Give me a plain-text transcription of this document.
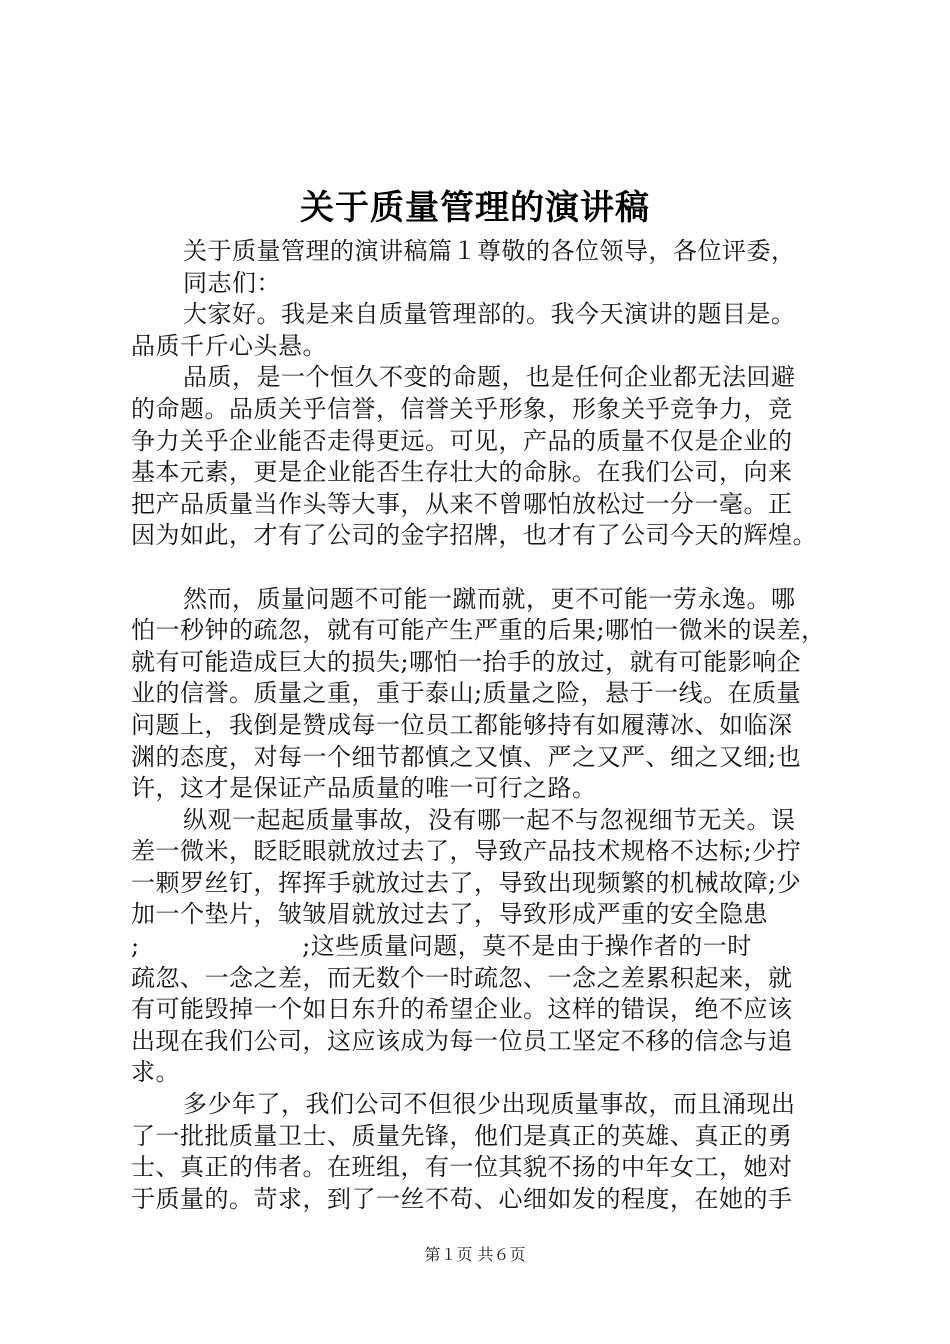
关于质量管理的演讲稿
关于质量管理的演讲稿篇１尊敬的各位领导，各位评委，
同志们：
大家好。我是来自质量管理部的。我今天演讲的题目是。
品质千斤心头悬。
品质，是一个恒久不变的命题，也是任何企业都无法回避
的命题。品质关乎信誉，信誉关乎形象，形象关乎竞争力，竞
争力关乎企业能否走得更远。可见，产品的质量不仅是企业的
基本元素，更是企业能否生存壮大的命脉。在我们公司，向来
把产品质量当作头等大事，从来不曾哪怕放松过一分一毫。正
因为如此，才有了公司的金字招牌，也才有了公司今天的辉煌。
然而，质量问题不可能一蹴而就，更不可能一劳永逸。哪
怕一秒钟的疏忽，就有可能产生严重的后果;哪怕一微米的误差，
就有可能造成巨大的损失;哪怕一抬手的放过，就有可能影响企
业的信誉。质量之重，重于泰山;质量之险，悬于一线。在质量
问题上，我倒是赞成每一位员工都能够持有如履薄冰、如临深
渊的态度，对每一个细节都慎之又慎、严之又严、细之又细;也
许，这才是保证产品质量的唯一可行之路。
纵观一起起质量事故，没有哪一起不与忽视细节无关。误
差一微米，眨眨眼就放过去了，导致产品技术规格不达标;少拧
一颗罗丝钉，挥挥手就放过去了，导致出现频繁的机械故障;少
加一个垫片，皱皱眉就放过去了，导致形成严重的安全隐患
;                    ;这些质量问题，莫不是由于操作者的一时
疏忽、一念之差，而无数个一时疏忽、一念之差累积起来，就
有可能毁掉一个如日东升的希望企业。这样的错误，绝不应该
出现在我们公司，这应该成为每一位员工坚定不移的信念与追
求。
多少年了，我们公司不但很少出现质量事故，而且涌现出
了一批批质量卫士、质量先锋，他们是真正的英雄、真正的勇
士、真正的伟者。在班组，有一位其貌不扬的中年女工，她对
于质量的。苛求，到了一丝不苟、心细如发的程度，在她的手
第１页 共６页
